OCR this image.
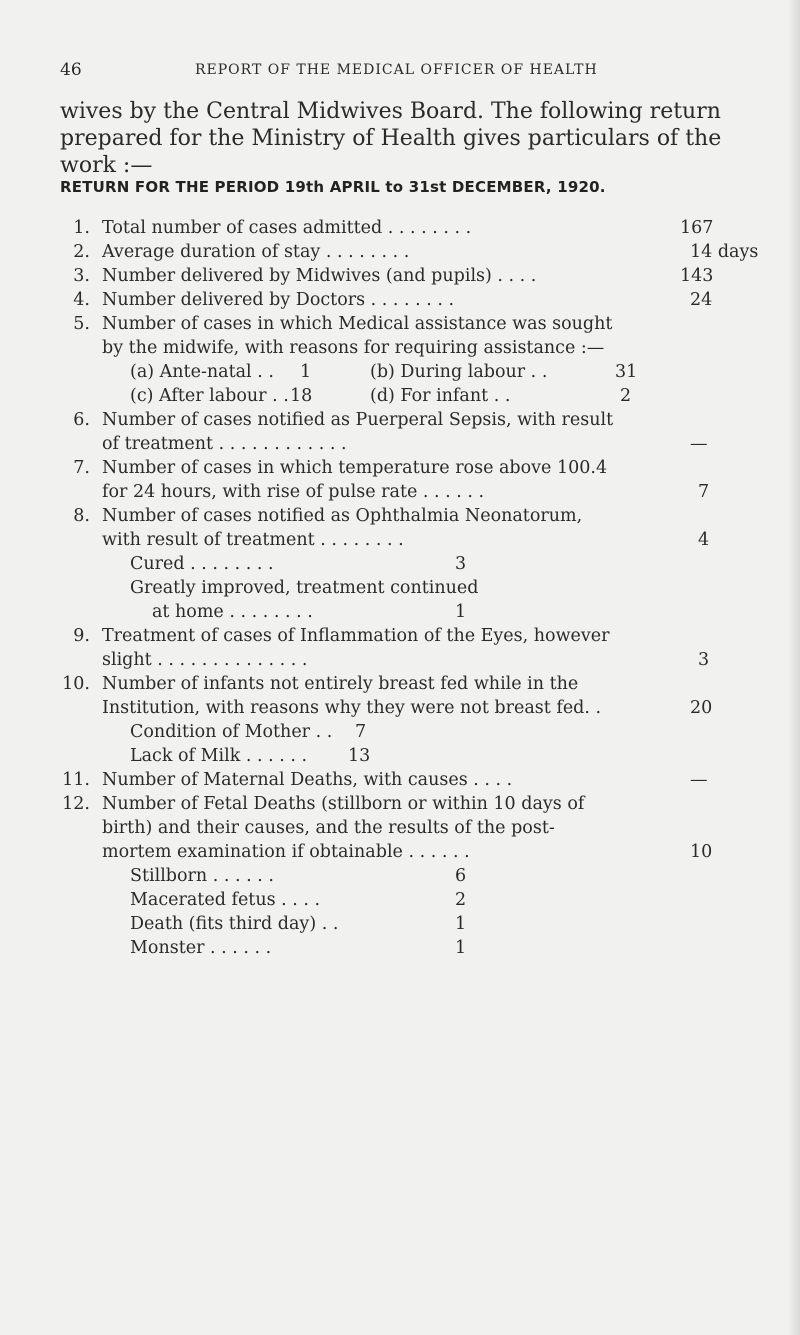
46	REPORT OF THE MEDICAL OFFICER OF HEALTH
wives by the Central Midwives Board. The following return prepared for the Ministry of Health gives particulars of the work :—
RETURN FOR THE PERIOD 19th APRIL to 31st DECEMBER, 1920.
1. Total number of cases admitted . . . . . . . .	167
2. Average duration of stay . . . . . . . .	14 days
3. Number delivered by Midwives (and pupils) . . . .	143
4. Number delivered by Doctors . . . . . . . .	24
5. Number of cases in which Medical assistance was sought
by the midwife, with reasons for requiring assistance :—
(a) Ante-natal . . 1	(b) During labour . .	31
(c) After labour . . 18	(d) For infant . .	2
6. Number of cases notified as Puerperal Sepsis, with result
of treatment . . . . . . . . . . . .	—
7. Number of cases in which temperature rose above 100.4
for 24 hours, with rise of pulse rate . . . . . .	7
8. Number of cases notified as Ophthalmia Neonatorum,
with result of treatment . . . . . . . .	4
Cured . . . . . . . .	3
Greatly improved, treatment continued
at home . . . . . . . .	1
9. Treatment of cases of Inflammation of the Eyes, however
slight . . . . . . . . . . . . . .	3
10. Number of infants not entirely breast fed while in the
Institution, with reasons why they were not breast fed. .	20
Condition of Mother . . 7
Lack of Milk . . . . . . 13
11. Number of Maternal Deaths, with causes . . . .	—
12. Number of Fetal Deaths (stillborn or within 10 days of
birth) and their causes, and the results of the post-
mortem examination if obtainable . . . . . .	10
Stillborn . . . . . .	6
Macerated fetus . . . .	2
Death (fits third day) . .	1
Monster . . . . . .	1
